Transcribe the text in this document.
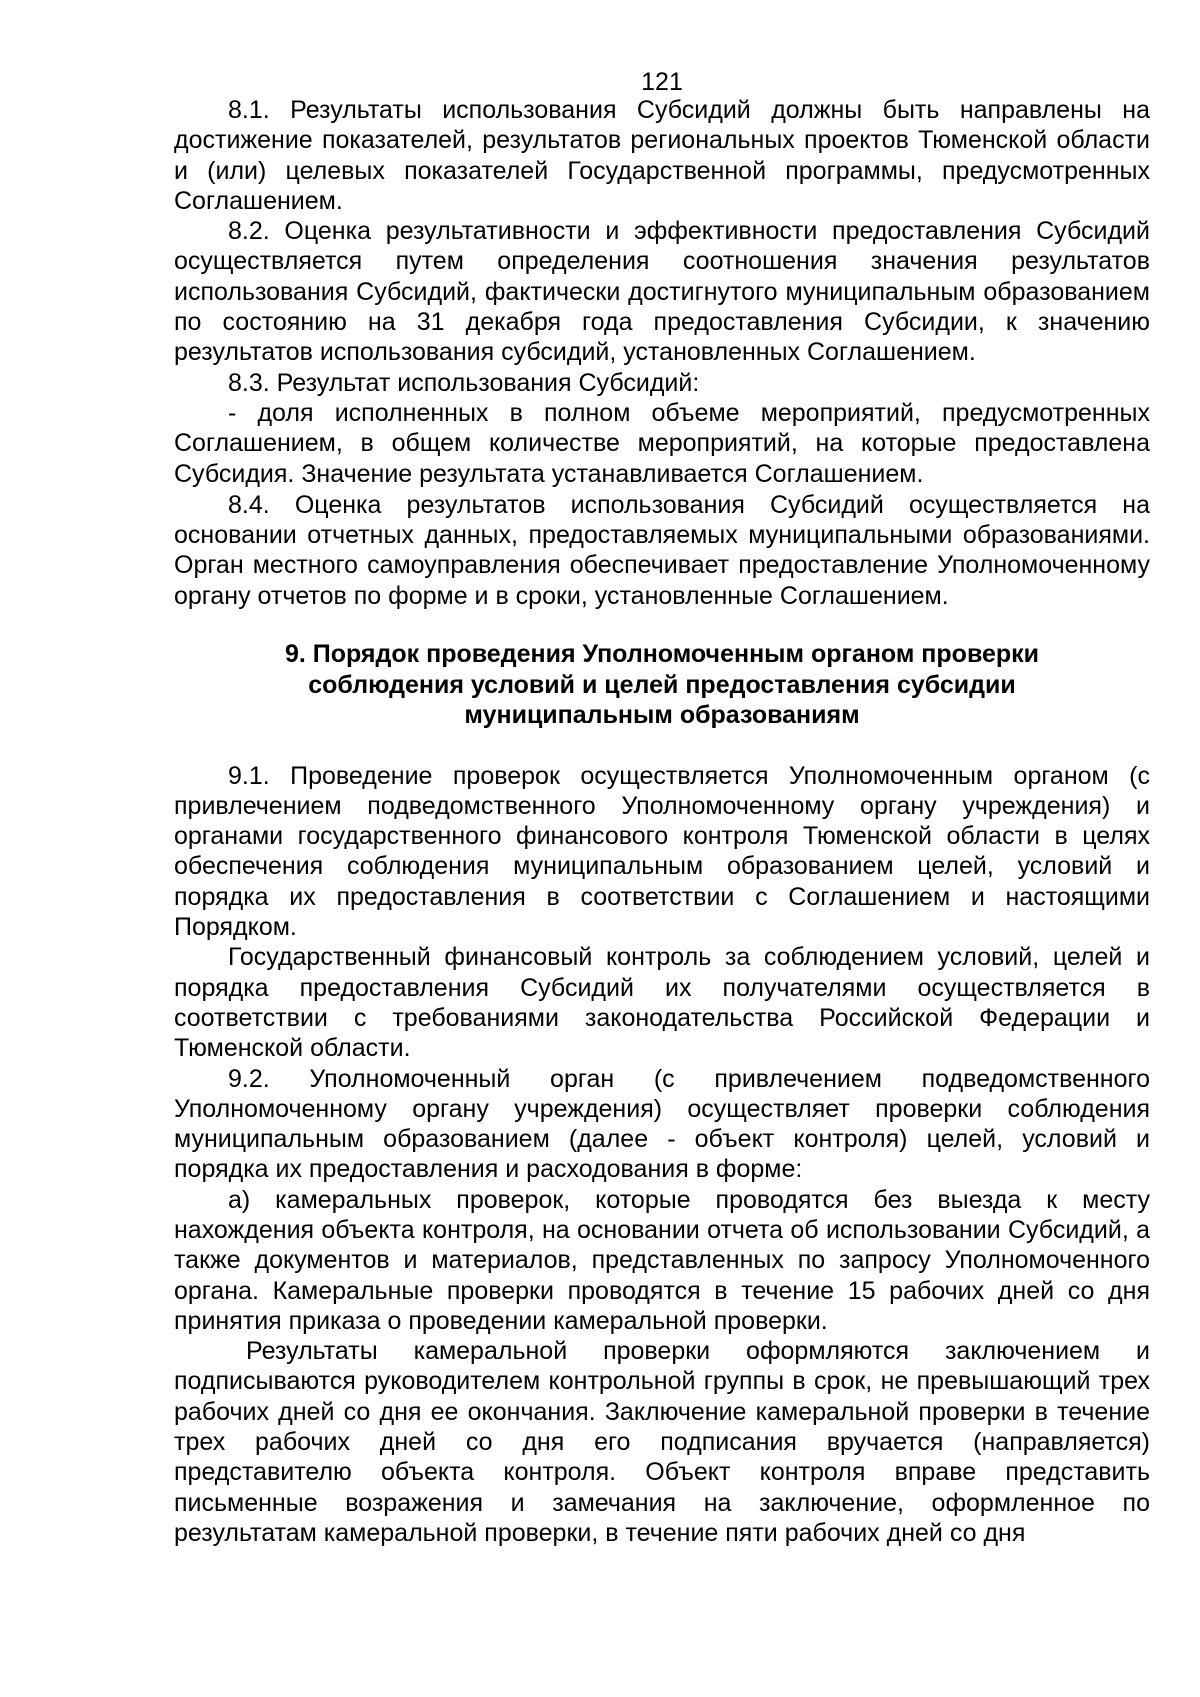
121

8.1. Результаты использования Субсидий должны быть направлены на достижение показателей, результатов региональных проектов Тюменской области и (или) целевых показателей Государственной программы, предусмотренных Соглашением.

8.2. Оценка результативности и эффективности предоставления Субсидий осуществляется путем определения соотношения значения результатов использования Субсидий, фактически достигнутого муниципальным образованием по состоянию на 31 декабря года предоставления Субсидии, к значению результатов использования субсидий, установленных Соглашением.

8.3. Результат использования Субсидий:

- доля исполненных в полном объеме мероприятий, предусмотренных Соглашением, в общем количестве мероприятий, на которые предоставлена Субсидия. Значение результата устанавливается Соглашением.

8.4. Оценка результатов использования Субсидий осуществляется на основании отчетных данных, предоставляемых муниципальными образованиями. Орган местного самоуправления обеспечивает предоставление Уполномоченному органу отчетов по форме и в сроки, установленные Соглашением.

9. Порядок проведения Уполномоченным органом проверки
соблюдения условий и целей предоставления субсидии
муниципальным образованиям

9.1. Проведение проверок осуществляется Уполномоченным органом (с привлечением подведомственного Уполномоченному органу учреждения) и органами государственного финансового контроля Тюменской области в целях обеспечения соблюдения муниципальным образованием целей, условий и порядка их предоставления в соответствии с Соглашением и настоящими Порядком.

Государственный финансовый контроль за соблюдением условий, целей и порядка предоставления Субсидий их получателями осуществляется в соответствии с требованиями законодательства Российской Федерации и Тюменской области.

9.2. Уполномоченный орган (с привлечением подведомственного Уполномоченному органу учреждения) осуществляет проверки соблюдения муниципальным образованием (далее - объект контроля) целей, условий и порядка их предоставления и расходования в форме:

а) камеральных проверок, которые проводятся без выезда к месту нахождения объекта контроля, на основании отчета об использовании Субсидий, а также документов и материалов, представленных по запросу Уполномоченного органа. Камеральные проверки проводятся в течение 15 рабочих дней со дня принятия приказа о проведении камеральной проверки.

Результаты камеральной проверки оформляются заключением и подписываются руководителем контрольной группы в срок, не превышающий трех рабочих дней со дня ее окончания. Заключение камеральной проверки в течение трех рабочих дней со дня его подписания вручается (направляется) представителю объекта контроля. Объект контроля вправе представить письменные возражения и замечания на заключение, оформленное по результатам камеральной проверки, в течение пяти рабочих дней со дня
